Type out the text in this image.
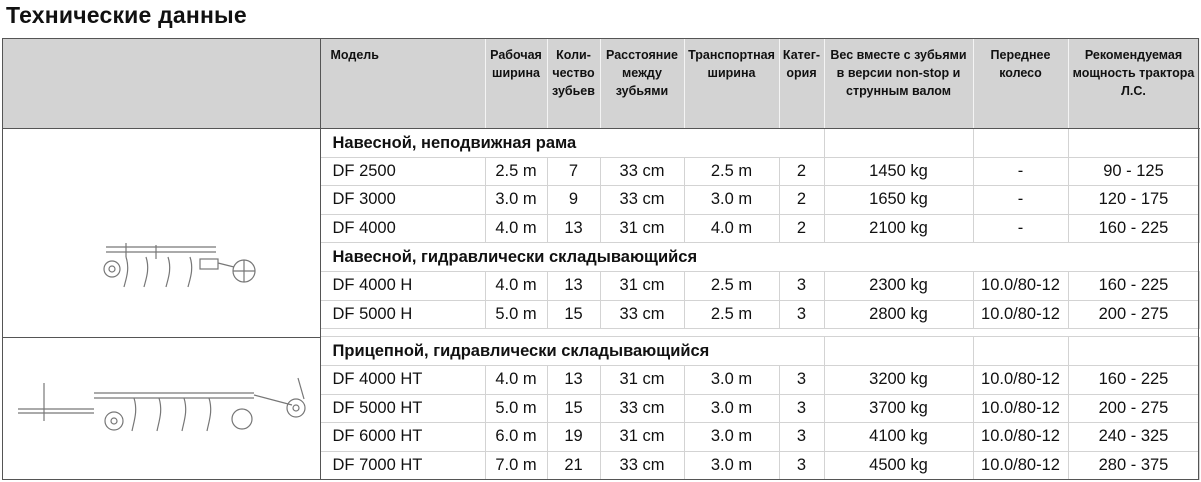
Технические данные
	Модель	Рабочая ширина	Коли- чество зубьев	Расстояние между зубьями	Транспортная ширина	Катег- ория	Вес вместе с зубьями в версии non-stop и струнным валом	Переднее колесо	Рекомендуемая мощность трактора Л.С.

	Навесной, неподвижная рама								
	DF 2500	2.5 m	7	33 cm	2.5 m	2	1450 kg	-	90 - 125
	DF 3000	3.0 m	9	33 cm	3.0 m	2	1650 kg	-	120 - 175
	DF 4000	4.0 m	13	31 cm	4.0 m	2	2100 kg	-	160 - 225
	Навесной, гидравлически складывающийся								
	DF 4000 H	4.0 m	13	31 cm	2.5 m	3	2300 kg	10.0/80-12	160 - 225
	DF 5000 H	5.0 m	15	33 cm	2.5 m	3	2800 kg	10.0/80-12	200 - 275

	Прицепной, гидравлически складывающийся								
	DF 4000 HT	4.0 m	13	31 cm	3.0 m	3	3200 kg	10.0/80-12	160 - 225
	DF 5000 HT	5.0 m	15	33 cm	3.0 m	3	3700 kg	10.0/80-12	200 - 275
	DF 6000 HT	6.0 m	19	31 cm	3.0 m	3	4100 kg	10.0/80-12	240 - 325
	DF 7000 HT	7.0 m	21	33 cm	3.0 m	3	4500 kg	10.0/80-12	280 - 375
